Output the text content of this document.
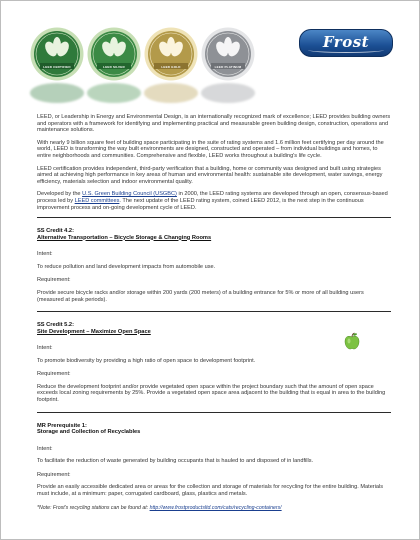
LEED CERTIFIED	LEED SILVER	LEED GOLD	LEED PLATINUM
Frost

LEED, or Leadership in Energy and Environmental Design, is an internationally recognized mark of excellence; LEED provides building owners and operators with a framework for identifying and implementing practical and measurable green building design, construction, operations and maintenance solutions.

With nearly 9 billion square feet of building space participating in the suite of rating systems and 1.6 million feet certifying per day around the world, LEED is transforming the way built environments are designed, constructed and operated – from individual buildings and homes, to entire neighborhoods and communities. Comprehensive and flexible, LEED works throughout a building's life cycle.

LEED certification provides independent, third-party verification that a building, home or community was designed and built using strategies aimed at achieving high performance in key areas of human and environmental health: sustainable site development, water savings, energy efficiency, materials selection and indoor environmental quality.

Developed by the U.S. Green Building Council (USGBC) in 2000, the LEED rating systems are developed through an open, consensus-based process led by LEED committees. The next update of the LEED rating system, coined LEED 2012, is the next step in the continuous improvement process and on-going development cycle of LEED.

SS Credit 4.2:
Alternative Transportation – Bicycle Storage & Changing Rooms

Intent:

To reduce pollution and land development impacts from automobile use.

Requirement:

Provide secure bicycle racks and/or storage within 200 yards (200 meters) of a building entrance for 5% or more of all building users (measured at peak periods).

SS Credit 5.2:
Site Development – Maximize Open Space

Intent:

To promote biodiversity by providing a high ratio of open space to development footprint.

Requirement:

Reduce the development footprint and/or provide vegetated open space within the project boundary such that the amount of open space exceeds local zoning requirements by 25%. Provide a vegetated open space area adjacent to the building that is equal in area to the building footprint.

MR Prerequisite 1:
Storage and Collection of Recyclables

Intent:

To facilitate the reduction of waste generated by building occupants that is hauled to and disposed of in landfills.

Requirement:

Provide an easily accessible dedicated area or areas for the collection and storage of materials for recycling for the entire building. Materials must include, at a minimum: paper, corrugated cardboard, glass, plastics and metals.

*Note: Frost's recycling stations can be found at: http://www.frostproductsltd.com/cats/recycling-containers/
